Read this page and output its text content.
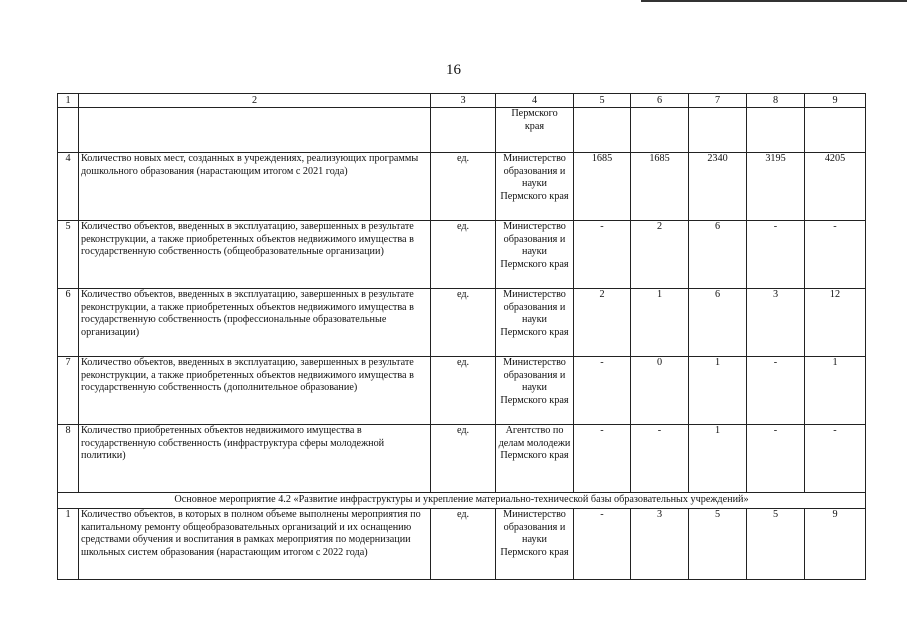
16
1	2	3	4	5	6	7	8	9
			Пермского
края					
4	Количество новых мест, созданных в учреждениях, реализующих программы дошкольного образования (нарастающим итогом с 2021 года)	ед.	Министерство образования и науки Пермского края	1685	1685	2340	3195	4205
5	Количество объектов, введенных в эксплуатацию, завершенных в результате реконструкции, а также приобретенных объектов недвижимого имущества в государственную собственность (общеобразовательные организации)	ед.	Министерство образования и науки Пермского края	-	2	6	-	-
6	Количество объектов, введенных в эксплуатацию, завершенных в результате реконструкции, а также приобретенных объектов недвижимого имущества в государственную собственность (профессиональные образовательные организации)	ед.	Министерство образования и науки Пермского края	2	1	6	3	12
7	Количество объектов, введенных в эксплуатацию, завершенных в результате реконструкции, а также приобретенных объектов недвижимого имущества в государственную собственность (дополнительное образование)	ед.	Министерство образования и науки Пермского края	-	0	1	-	1
8	Количество приобретенных объектов недвижимого имущества в государственную собственность (инфраструктура сферы молодежной политики)	ед.	Агентство по делам молодежи Пермского края	-	-	1	-	-
Основное мероприятие 4.2 «Развитие инфраструктуры и укрепление материально-технической базы образовательных учреждений»								
1	Количество объектов, в которых в полном объеме выполнены мероприятия по капитальному ремонту общеобразовательных организаций и их оснащению средствами обучения и воспитания в рамках мероприятия по модернизации школьных систем образования (нарастающим итогом с 2022 года)	ед.	Министерство образования и науки Пермского края	-	3	5	5	9
